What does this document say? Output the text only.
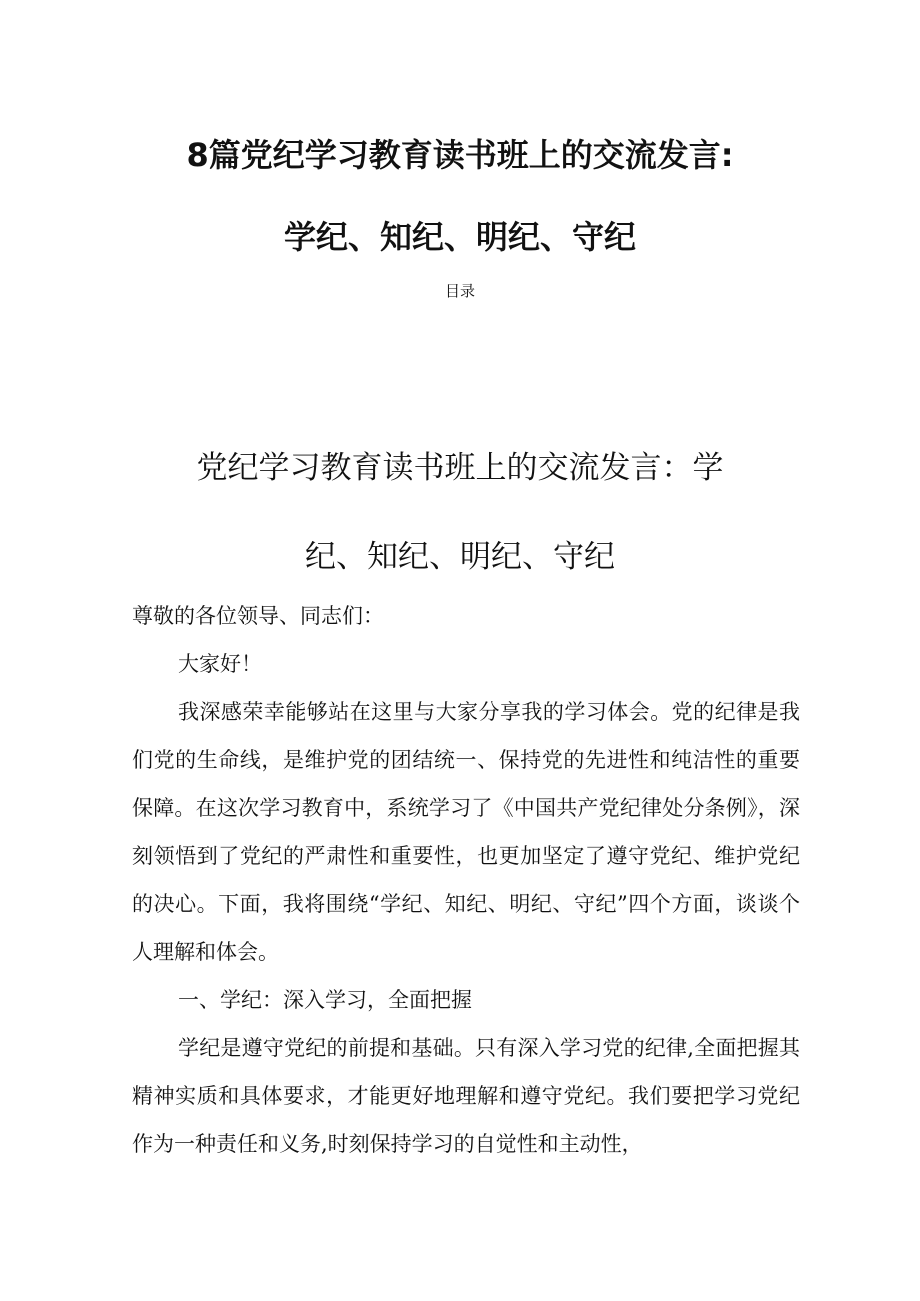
8篇党纪学习教育读书班上的交流发言:
学纪、知纪、明纪、守纪
目录
党纪学习教育读书班上的交流发言：学
纪、知纪、明纪、守纪

尊敬的各位领导、同志们：

大家好！

我深感荣幸能够站在这里与大家分享我的学习体会。党的纪律是我们党的生命线，是维护党的团结统一、保持党的先进性和纯洁性的重要保障。在这次学习教育中，系统学习了《中国共产党纪律处分条例》，深刻领悟到了党纪的严肃性和重要性，也更加坚定了遵守党纪、维护党纪的决心。下面，我将围绕“学纪、知纪、明纪、守纪”四个方面，谈谈个人理解和体会。

一、学纪：深入学习，全面把握

学纪是遵守党纪的前提和基础。只有深入学习党的纪律,全面把握其精神实质和具体要求，才能更好地理解和遵守党纪。我们要把学习党纪作为一种责任和义务,时刻保持学习的自觉性和主动性，
